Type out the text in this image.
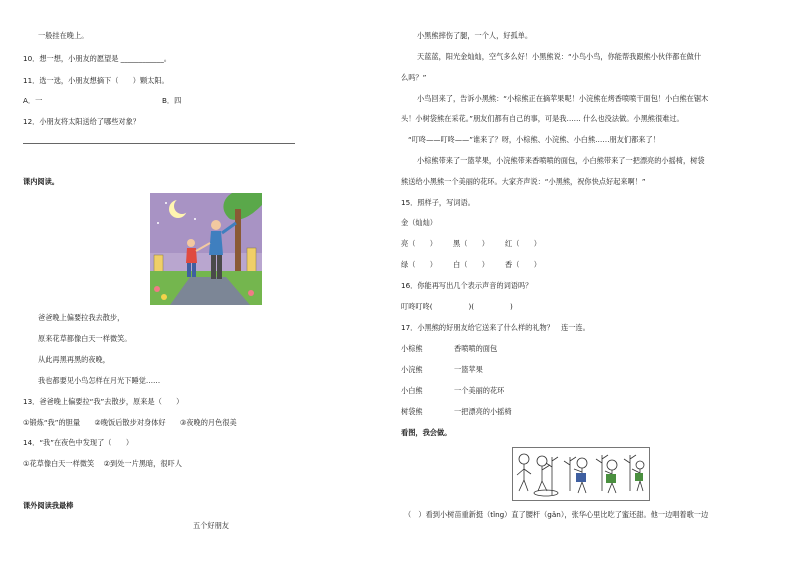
一般挂在晚上。
10．想一想，小朋友的愿望是 ____________。
11．选一选，小朋友想摘下（　　）颗太阳。
A．一	B．四
12．小朋友将太阳送给了哪些对象？
课内阅读。
爸爸晚上偏要拉我去散步，
原来花草都像白天一样微笑。
从此再黑再黑的夜晚，
我也都要见小鸟怎样在月光下睡觉……
13．爸爸晚上偏要拉“我”去散步，原来是（　　）
①锻炼“我”的胆量　　②晚饭后散步对身体好　　③夜晚的月色很美
14．“我”在夜色中发现了（　　）
①花草像白天一样微笑　 ②到处一片黑暗，很吓人
课外阅读我最棒
五个好朋友
小黑熊摔伤了腿，一个人，好孤单。
天蓝蓝，阳光金灿灿，空气多么好！小黑熊说：“小鸟小鸟，你能帮我跟熊小伙伴都在做什
么吗？”
小鸟回来了，告诉小黑熊：“小棕熊正在摘苹果呢！小浣熊在烤香喷喷干面包！小白熊在锯木
头！小树袋熊在采花。”朋友们都有自己的事，可是我…… 什么也没法做。小黑熊很难过。
“叮咚——叮咚——”谁来了？呀，小棕熊、小浣熊、小白熊……朋友们都来了！
小棕熊带来了一篮苹果，小浣熊带来香喷喷的面包，小白熊带来了一把漂亮的小摇椅，树袋
熊送给小黑熊一个美丽的花环。大家齐声说：“小黑熊，祝你快点好起来啊！”
15．照样子，写词语。
金（灿灿）
亮（　　） 黑（　　） 红（　　）
绿（　　） 白（　　） 香（　　）
16．你能再写出几个表示声音的词语吗？
叮咚叮咚(　　　　　)(　　　　　)
17．小黑熊的好朋友给它送来了什么样的礼物？　连一连。
小棕熊	香喷喷的面包
小浣熊	一篮苹果
小白熊	一个美丽的花环
树袋熊	一把漂亮的小摇椅
看图，我会做。
（　）看到小树苗重新挺（tǐng）直了腰杆（gǎn），张华心里比吃了蜜还甜。他一边唱着歌一边
